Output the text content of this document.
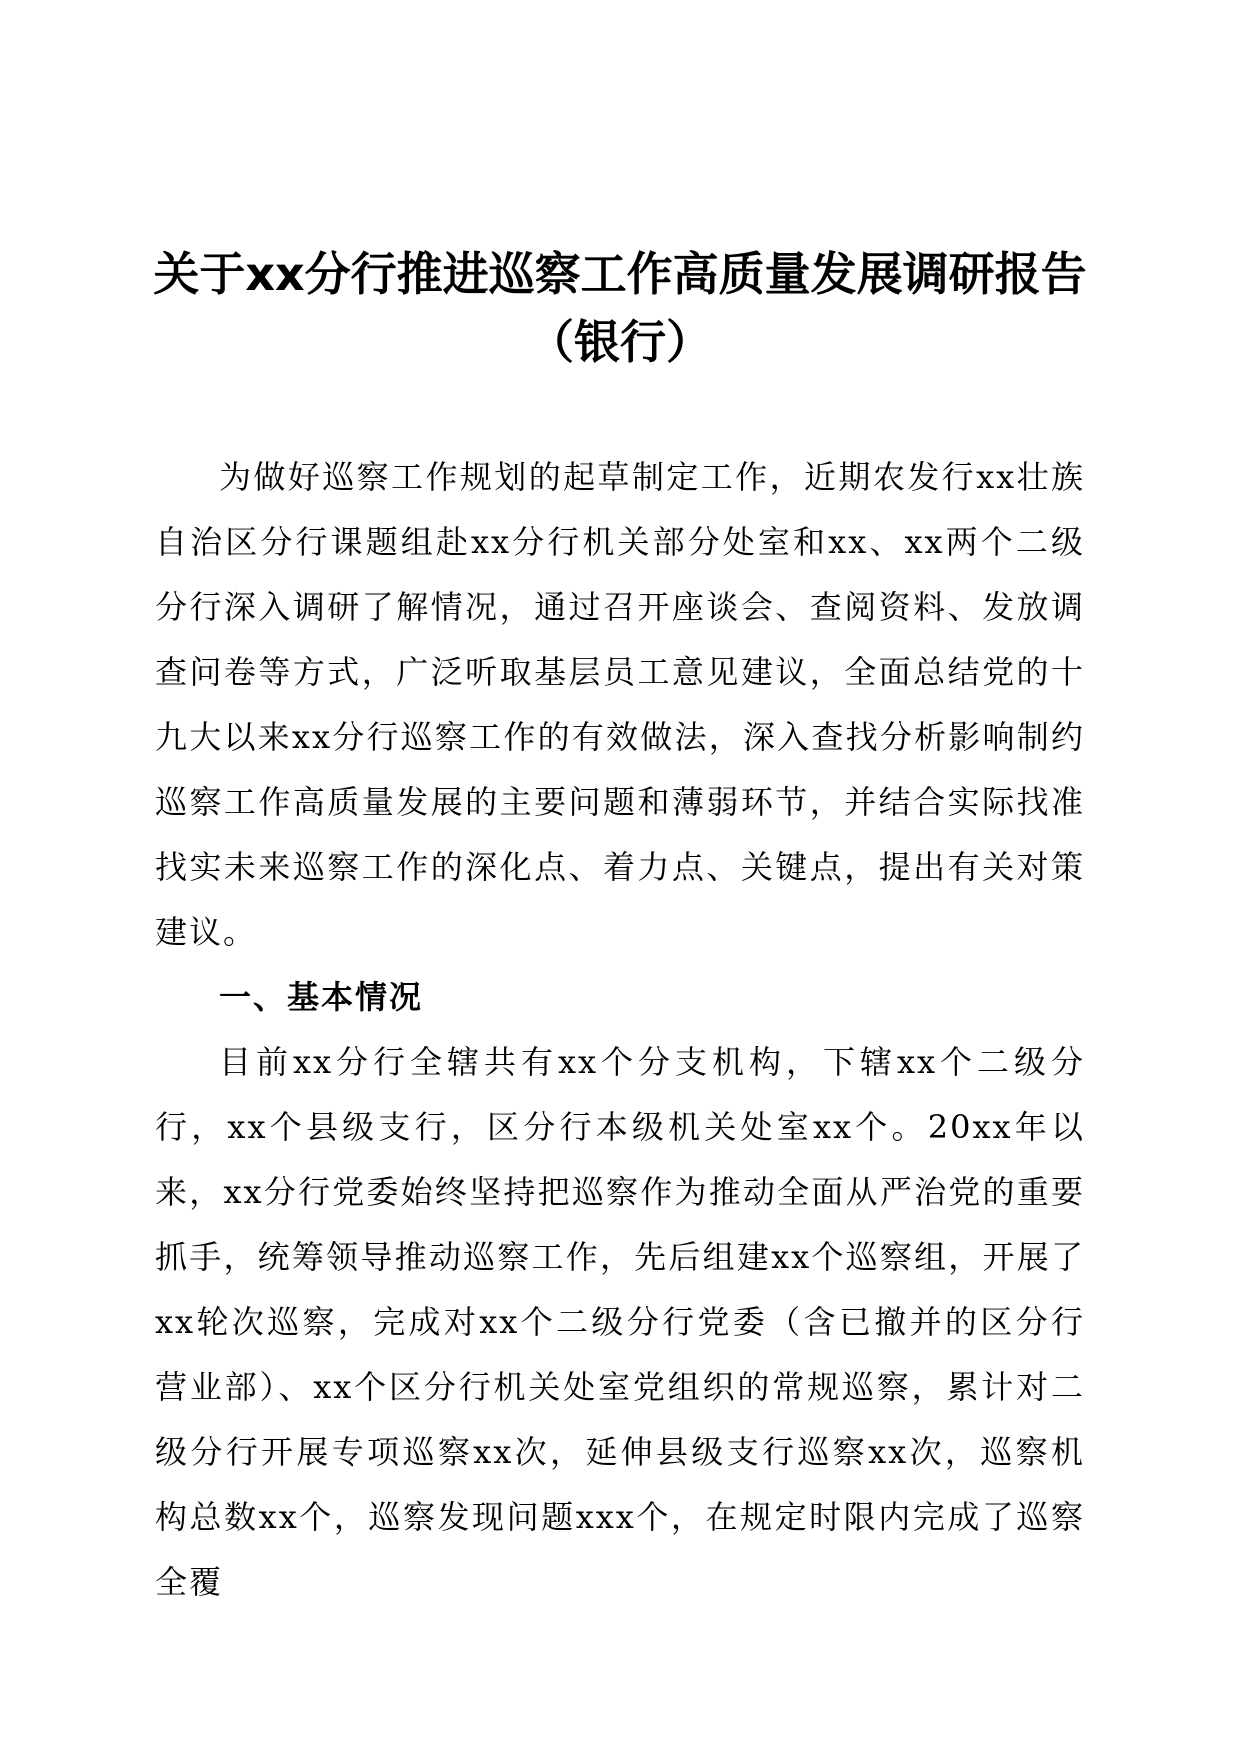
关于xx分行推进巡察工作高质量发展调研报告（银行）

为做好巡察工作规划的起草制定工作，近期农发行xx壮族自治区分行课题组赴xx分行机关部分处室和xx、xx两个二级分行深入调研了解情况，通过召开座谈会、查阅资料、发放调查问卷等方式，广泛听取基层员工意见建议，全面总结党的十九大以来xx分行巡察工作的有效做法，深入查找分析影响制约巡察工作高质量发展的主要问题和薄弱环节，并结合实际找准找实未来巡察工作的深化点、着力点、关键点，提出有关对策建议。

一、基本情况

目前xx分行全辖共有xx个分支机构，下辖xx个二级分行，xx个县级支行，区分行本级机关处室xx个。20xx年以来，xx分行党委始终坚持把巡察作为推动全面从严治党的重要抓手，统筹领导推动巡察工作，先后组建xx个巡察组，开展了xx轮次巡察，完成对xx个二级分行党委（含已撤并的区分行营业部）、xx个区分行机关处室党组织的常规巡察，累计对二级分行开展专项巡察xx次，延伸县级支行巡察xx次，巡察机构总数xx个，巡察发现问题xxx个，在规定时限内完成了巡察全覆
